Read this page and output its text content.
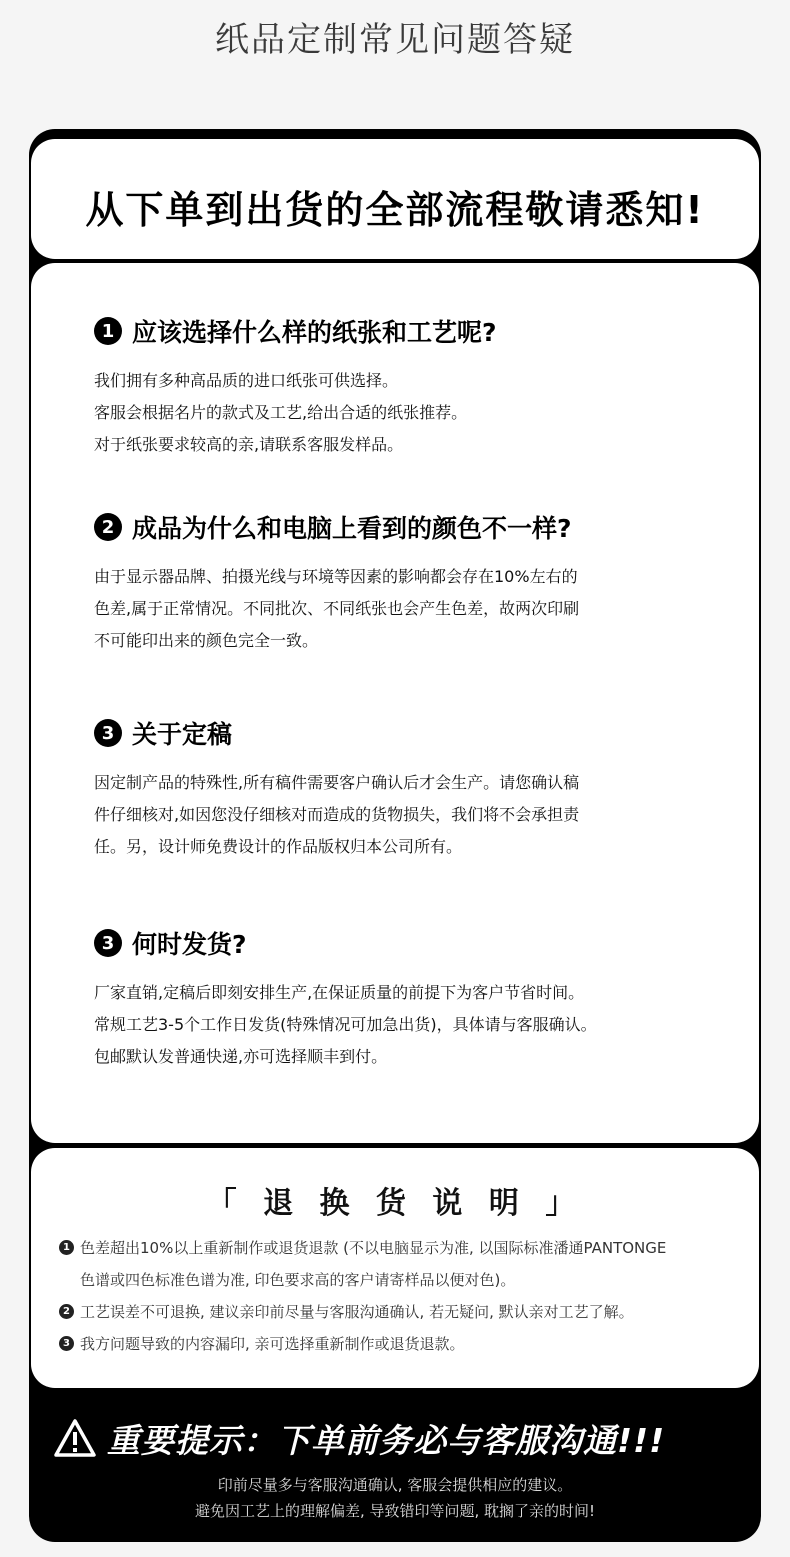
纸品定制常见问题答疑
从下单到出货的全部流程敬请悉知!
1 应该选择什么样的纸张和工艺呢?
我们拥有多种高品质的进口纸张可供选择。
客服会根据名片的款式及工艺,给出合适的纸张推荐。
对于纸张要求较高的亲,请联系客服发样品。
2 成品为什么和电脑上看到的颜色不一样?
由于显示器品牌、拍摄光线与环境等因素的影响都会存在10%左右的
色差,属于正常情况。不同批次、不同纸张也会产生色差，故两次印刷
不可能印出来的颜色完全一致。
3 关于定稿
因定制产品的特殊性,所有稿件需要客户确认后才会生产。请您确认稿
件仔细核对,如因您没仔细核对而造成的货物损失，我们将不会承担责
任。另，设计师免费设计的作品版权归本公司所有。
3 何时发货?
厂家直销,定稿后即刻安排生产,在保证质量的前提下为客户节省时间。
常规工艺3-5个工作日发货(特殊情况可加急出货)，具体请与客服确认。
包邮默认发普通快递,亦可选择顺丰到付。
「 退 换 货 说 明 」
1 色差超出10%以上重新制作或退货退款 (不以电脑显示为准, 以国际标准潘通PANTONGE
色谱或四色标准色谱为准, 印色要求高的客户请寄样品以便对色)。
2 工艺误差不可退换, 建议亲印前尽量与客服沟通确认, 若无疑问, 默认亲对工艺了解。
3 我方问题导致的内容漏印, 亲可选择重新制作或退货退款。
重要提示：下单前务必与客服沟通!!!
印前尽量多与客服沟通确认, 客服会提供相应的建议。
避免因工艺上的理解偏差, 导致错印等问题, 耽搁了亲的时间!
